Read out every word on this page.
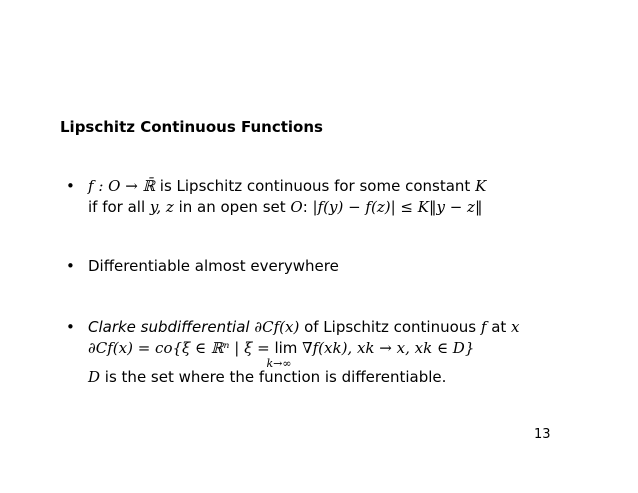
Lipschitz Continuous Functions
• f : O → ℝ̄ is Lipschitz continuous for some constant K
if for all y, z in an open set O: |f(y) − f(z)| ≤ K‖y − z‖
• Differentiable almost everywhere
• Clarke subdifferential ∂Cf(x) of Lipschitz continuous f at x
∂Cf(x) = co{ξ ∈ ℝⁿ | ξ = lim
k→∞
∇f(xk), xk → x, xk ∈ D}
D is the set where the function is differentiable.
13
